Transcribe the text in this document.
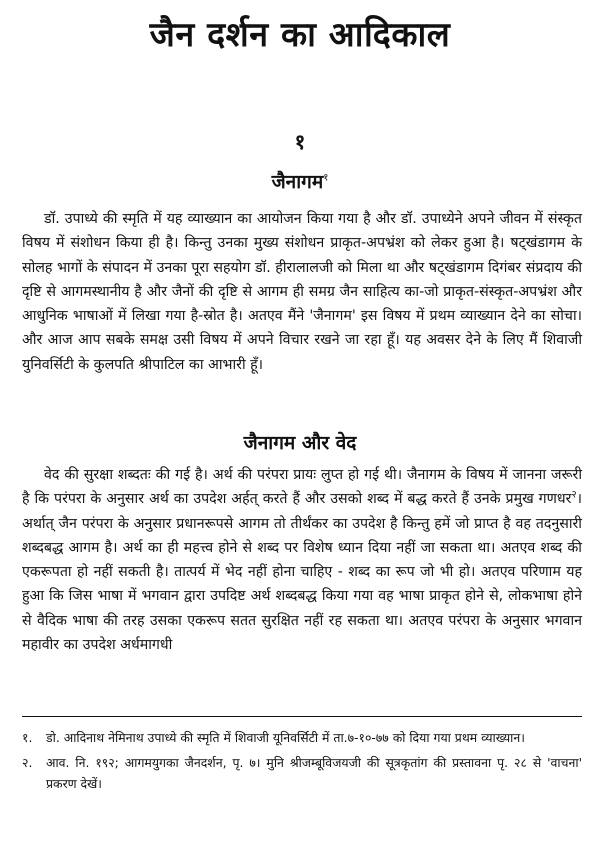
जैन दर्शन का आदिकाल
१
जैनागम$^१$

डॉ. उपाध्ये की स्मृति में यह व्याख्यान का आयोजन किया गया है और डॉ. उपाध्येने अपने जीवन में संस्कृत विषय में संशोधन किया ही है। किन्तु उनका मुख्य संशोधन प्राकृत-अपभ्रंश को लेकर हुआ है। षट्खंडागम के सोलह भागों के संपादन में उनका पूरा सहयोग डॉ. हीरालालजी को मिला था और षट्खंडागम दिगंबर संप्रदाय की दृष्टि से आगमस्थानीय है और जैनों की दृष्टि से आगम ही समग्र जैन साहित्य का-जो प्राकृत-संस्कृत-अपभ्रंश और आधुनिक भाषाओं में लिखा गया है-स्रोत है। अतएव मैंने 'जैनागम' इस विषय में प्रथम व्याख्यान देने का सोचा। और आज आप सबके समक्ष उसी विषय में अपने विचार रखने जा रहा हूँ। यह अवसर देने के लिए मैं शिवाजी युनिवर्सिटी के कुलपति श्रीपाटिल का आभारी हूँ।

जैनागम और वेद

वेद की सुरक्षा शब्दतः की गई है। अर्थ की परंपरा प्रायः लुप्त हो गई थी। जैनागम के विषय में जानना जरूरी है कि परंपरा के अनुसार अर्थ का उपदेश अर्हत् करते हैं और उसको शब्द में बद्ध करते हैं उनके प्रमुख गणधर$^२$। अर्थात् जैन परंपरा के अनुसार प्रधानरूपसे आगम तो तीर्थंकर का उपदेश है किन्तु हमें जो प्राप्त है वह तदनुसारी शब्दबद्ध आगम है। अर्थ का ही महत्त्व होने से शब्द पर विशेष ध्यान दिया नहीं जा सकता था। अतएव शब्द की एकरूपता हो नहीं सकती है। तात्पर्य में भेद नहीं होना चाहिए - शब्द का रूप जो भी हो। अतएव परिणाम यह हुआ कि जिस भाषा में भगवान द्वारा उपदिष्ट अर्थ शब्दबद्ध किया गया वह भाषा प्राकृत होने से, लोकभाषा होने से वैदिक भाषा की तरह उसका एकरूप सतत सुरक्षित नहीं रह सकता था। अतएव परंपरा के अनुसार भगवान महावीर का उपदेश अर्धमागधी

१.	डो. आदिनाथ नेमिनाथ उपाध्ये की स्मृति में शिवाजी यूनिवर्सिटी में ता.७-१०-७७ को दिया गया प्रथम व्याख्यान।
२.	आव. नि. १९२; आगमयुगका जैनदर्शन, पृ. ७। मुनि श्रीजम्बूविजयजी की सूत्रकृतांग की प्रस्तावना पृ. २८ से 'वाचना' प्रकरण देखें।
